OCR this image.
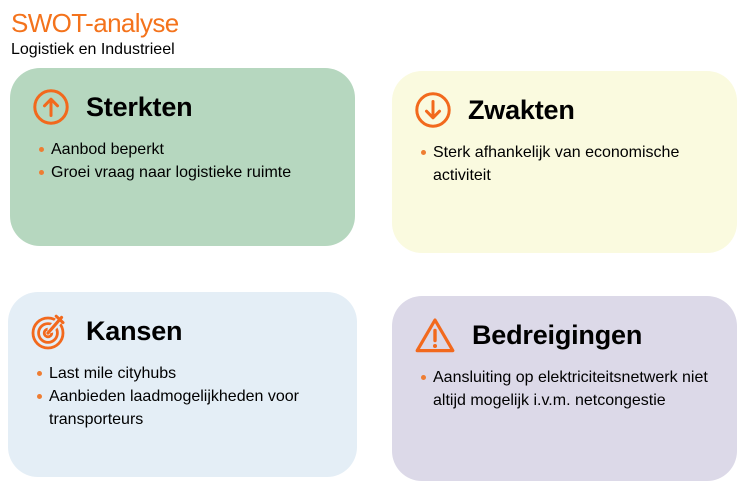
SWOT-analyse

Logistiek en Industrieel

Sterkten
Aanbod beperkt
Groei vraag naar logistieke ruimte
Zwakten
Sterk afhankelijk van economische activiteit
Kansen
Last mile cityhubs
Aanbieden laadmogelijkheden voor transporteurs
Bedreigingen
Aansluiting op elektriciteitsnetwerk niet altijd mogelijk i.v.m. netcongestie
